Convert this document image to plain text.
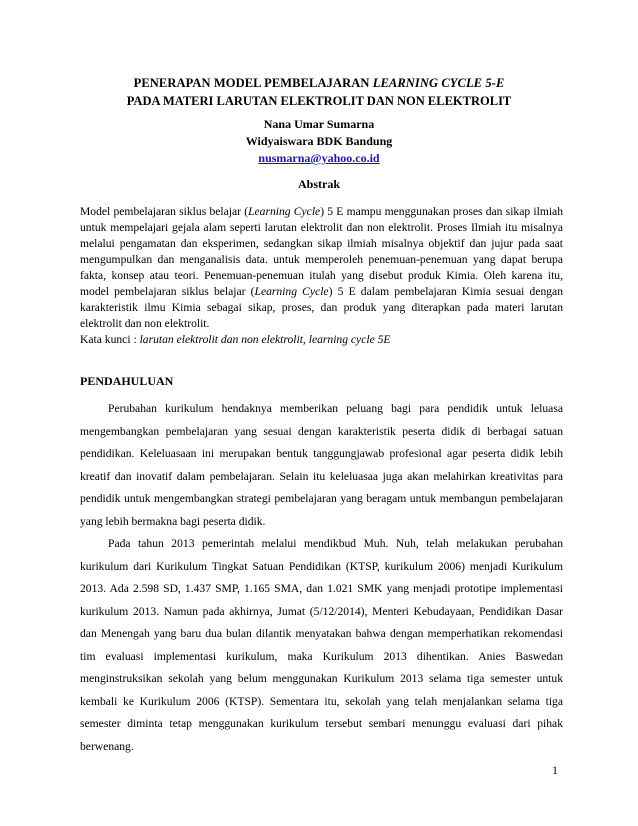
PENERAPAN MODEL PEMBELAJARAN LEARNING CYCLE 5-E
PADA MATERI LARUTAN ELEKTROLIT DAN NON ELEKTROLIT
Nana Umar Sumarna
Widyaiswara BDK Bandung
nusmarna@yahoo.co.id
Abstrak

Model pembelajaran siklus belajar (Learning Cycle) 5 E mampu menggunakan proses dan sikap ilmiah untuk mempelajari gejala alam seperti larutan elektrolit dan non elektrolit. Proses Ilmiah itu misalnya melalui pengamatan dan eksperimen, sedangkan sikap ilmiah misalnya objektif dan jujur pada saat mengumpulkan dan menganalisis data. untuk memperoleh penemuan-penemuan yang dapat berupa fakta, konsep atau teori. Penemuan-penemuan itulah yang disebut produk Kimia. Oleh karena itu, model pembelajaran siklus belajar (Learning Cycle) 5 E dalam pembelajaran Kimia sesuai dengan karakteristik ilmu Kimia sebagai sikap, proses, dan produk yang diterapkan pada materi larutan elektrolit dan non elektrolit.

Kata kunci : larutan elektrolit dan non elektrolit, learning cycle 5E

PENDAHULUAN

Perubahan kurikulum hendaknya memberikan peluang bagi para pendidik untuk leluasa mengembangkan pembelajaran yang sesuai dengan karakteristik peserta didik di berbagai satuan pendidikan. Keleluasaan ini merupakan bentuk tanggungjawab profesional agar peserta didik lebih kreatif dan inovatif dalam pembelajaran. Selain itu keleluasaa juga akan melahirkan kreativitas para pendidik untuk mengembangkan strategi pembelajaran yang beragam untuk membangun pembelajaran yang lebih bermakna bagi peserta didik.

Pada tahun 2013 pemerintah melalui mendikbud Muh. Nuh, telah melakukan perubahan kurikulum dari Kurikulum Tingkat Satuan Pendidikan (KTSP, kurikulum 2006) menjadi Kurikulum 2013. Ada 2.598 SD, 1.437 SMP, 1.165 SMA, dan 1.021 SMK yang menjadi prototipe implementasi kurikulum 2013. Namun pada akhirnya, Jumat (5/12/2014), Menteri Kebudayaan, Pendidikan Dasar dan Menengah yang baru dua bulan dilantik menyatakan bahwa dengan memperhatikan rekomendasi tim evaluasi implementasi kurikulum, maka Kurikulum 2013 dihentikan. Anies Baswedan menginstruksikan sekolah yang belum menggunakan Kurikulum 2013 selama tiga semester untuk kembali ke Kurikulum 2006 (KTSP). Sementara itu, sekolah yang telah menjalankan selama tiga semester diminta tetap menggunakan kurikulum tersebut sembari menunggu evaluasi dari pihak berwenang.

1
